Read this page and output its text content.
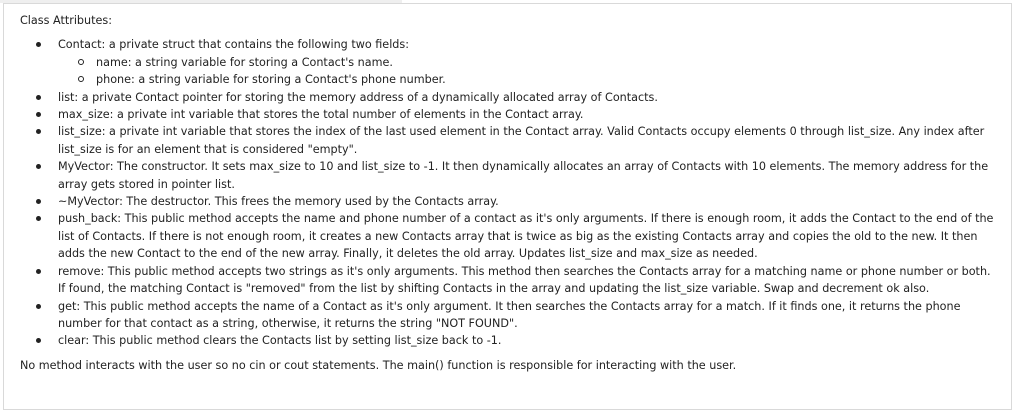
Class Attributes:
Contact: a private struct that contains the following two fields:
name: a string variable for storing a Contact's name.
phone: a string variable for storing a Contact's phone number.
list: a private Contact pointer for storing the memory address of a dynamically allocated array of Contacts.
max_size: a private int variable that stores the total number of elements in the Contact array.
list_size: a private int variable that stores the index of the last used element in the Contact array. Valid Contacts occupy elements 0 through list_size. Any index after list_size is for an element that is considered "empty".
MyVector: The constructor. It sets max_size to 10 and list_size to -1. It then dynamically allocates an array of Contacts with 10 elements. The memory address for the array gets stored in pointer list.
~MyVector: The destructor. This frees the memory used by the Contacts array.
push_back: This public method accepts the name and phone number of a contact as it's only arguments. If there is enough room, it adds the Contact to the end of the list of Contacts. If there is not enough room, it creates a new Contacts array that is twice as big as the existing Contacts array and copies the old to the new. It then adds the new Contact to the end of the new array. Finally, it deletes the old array. Updates list_size and max_size as needed.
remove: This public method accepts two strings as it's only arguments. This method then searches the Contacts array for a matching name or phone number or both. If found, the matching Contact is "removed" from the list by shifting Contacts in the array and updating the list_size variable. Swap and decrement ok also.
get: This public method accepts the name of a Contact as it's only argument. It then searches the Contacts array for a match. If it finds one, it returns the phone number for that contact as a string, otherwise, it returns the string "NOT FOUND".
clear: This public method clears the Contacts list by setting list_size back to -1.
No method interacts with the user so no cin or cout statements. The main() function is responsible for interacting with the user.
